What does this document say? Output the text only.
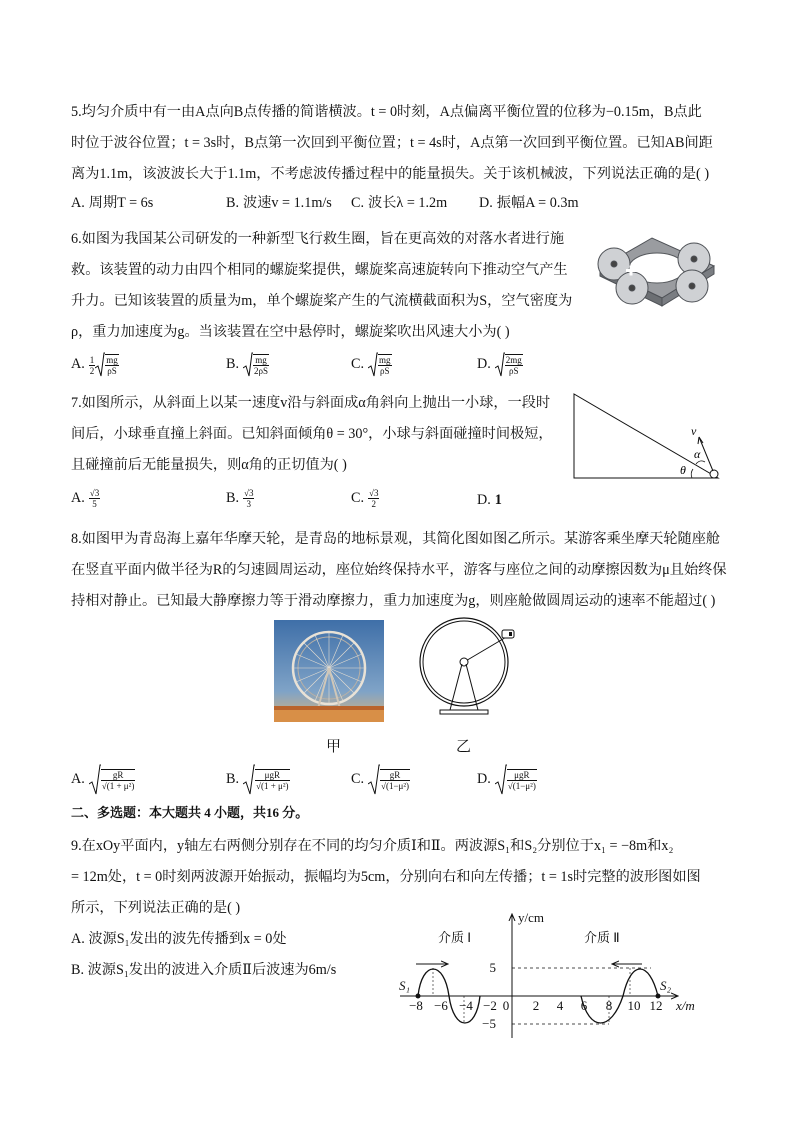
5.均匀介质中有一由A点向B点传播的简谐横波。t = 0时刻，A点偏离平衡位置的位移为−0.15m，B点此
时位于波谷位置；t = 3s时，B点第一次回到平衡位置；t = 4s时，A点第一次回到平衡位置。已知AB间距
离为1.1m，该波波长大于1.1m，不考虑波传播过程中的能量损失。关于该机械波，下列说法正确的是( )
A. 周期T = 6s	B. 波速v = 1.1m/s C. 波长λ = 1.2m D. 振幅A = 0.3m
6.如图为我国某公司研发的一种新型飞行救生圈，旨在更高效的对落水者进行施
救。该装置的动力由四个相同的螺旋桨提供，螺旋桨高速旋转向下推动空气产生
升力。已知该装置的质量为m，单个螺旋桨产生的气流横截面积为S，空气密度为
ρ，重力加速度为g。当该装置在空中悬停时，螺旋桨吹出风速大小为( )
A. $\frac{1}{2} \frac{mg}{\rho S}$	B. $\frac{mg}{2\rho S}$	C. $\frac{mg}{\rho S}$	D. $\frac{2mg}{\rho S}$
7.如图所示，从斜面上以某一速度v沿与斜面成α角斜向上抛出一小球，一段时
间后，小球垂直撞上斜面。已知斜面倾角θ = 30°，小球与斜面碰撞时间极短，
且碰撞前后无能量损失，则α角的正切值为( )
v
α
θ
A. $\frac{√3}{5}$	B. $\frac{√3}{3}$	C. $\frac{√3}{2}$	D. 1
8.如图甲为青岛海上嘉年华摩天轮，是青岛的地标景观，其简化图如图乙所示。某游客乘坐摩天轮随座舱
在竖直平面内做半径为R的匀速圆周运动，座位始终保持水平，游客与座位之间的动摩擦因数为μ且始终保
持相对静止。已知最大静摩擦力等于滑动摩擦力，重力加速度为g，则座舱做圆周运动的速率不能超过( )
甲	乙
A. $\frac{gR}{\text{√(1 + μ²)}}$	B. $\frac{\text{μgR}}{\text{√(1 + μ²)}}$	C. $\frac{gR}{\text{√(1−μ²)}}$	D. $\frac{\text{μgR}}{\text{√(1−μ²)}}$
二、多选题：本大题共 4 小题，共16 分。
9.在xOy平面内，y轴左右两侧分别存在不同的均匀介质Ⅰ和Ⅱ。两波源S₁和S₂分别位于x₁ = −8m和x₂
= 12m处，t = 0时刻两波源开始振动，振幅均为5cm，分别向右和向左传播；t = 1s时完整的波形图如图
所示，下列说法正确的是( )
A. 波源S₁发出的波先传播到x = 0处
B. 波源S₁发出的波进入介质Ⅱ后波速为6m/s
y/cm
x/m
介质 Ⅰ	介质 Ⅱ
S₁	S₂
5
−5
−8 −6 −4 −2 0 2 4 6 8 10 12
